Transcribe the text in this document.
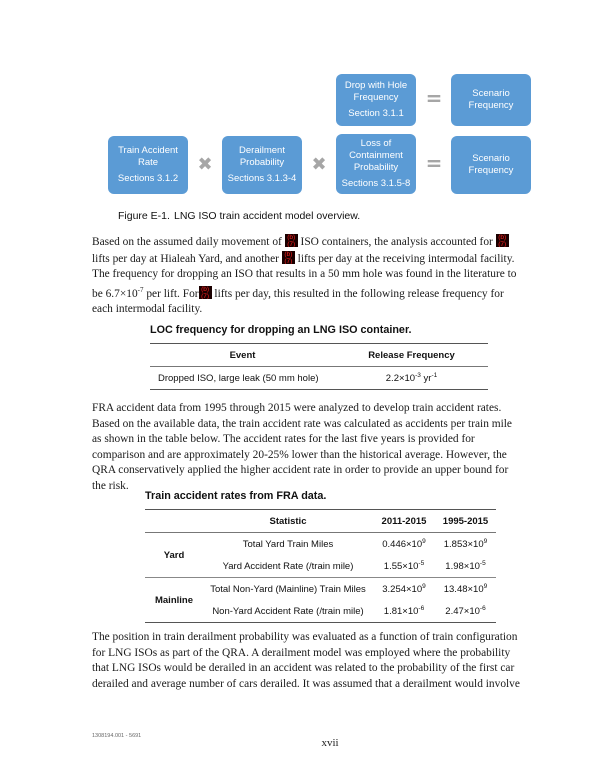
Train Accident Rate
Sections 3.1.2
✖
Derailment Probability
Sections 3.1.3-4
✖
Drop with Hole Frequency
Section 3.1.1
Loss of Containment Probability
Sections 3.1.5-8
=
=
Scenario Frequency
Scenario Frequency
Figure E-1. LNG ISO train accident model overview.
Based on the assumed daily movement of (b)
(7) ISO containers, the analysis accounted for (b)
(7) lifts per day at Hialeah Yard, and another (b)
(7) lifts per day at the receiving intermodal facility. The frequency for dropping an ISO that results in a 50 mm hole was found in the literature to be $6.7\times 10^{-7}$ per lift. For (b)
(7) lifts per day, this resulted in the following release frequency for each intermodal facility.
LOC frequency for dropping an LNG ISO container.
Event	Release Frequency
Dropped ISO, large leak (50 mm hole)	$2.2\times 10^{-3}$ $yr^{-1}$
FRA accident data from 1995 through 2015 were analyzed to develop train accident rates. Based on the available data, the train accident rate was calculated as accidents per train mile as shown in the table below. The accident rates for the last five years is provided for comparison and are approximately 20-25% lower than the historical average. However, the QRA conservatively applied the higher accident rate in order to provide an upper bound for the risk.
Train accident rates from FRA data.
	Statistic	2011-2015	1995-2015
Yard	Total Yard Train Miles	$0.446\times 10^9$	$1.853\times 10^9$
	Yard Accident Rate (/train mile)	$1.55\times 10^{-5}$	$1.98\times 10^{-5}$
Mainline	Total Non-Yard (Mainline) Train Miles	$3.254\times 10^9$	$13.48\times 10^9$
	Non-Yard Accident Rate (/train mile)	$1.81\times 10^{-6}$	$2.47\times 10^{-6}$
The position in train derailment probability was evaluated as a function of train configuration for LNG ISOs as part of the QRA. A derailment model was employed where the probability that LNG ISOs would be derailed in an accident was related to the probability of the first car derailed and average number of cars derailed. It was assumed that a derailment would involve
1308194.001 - 5691
xvii
